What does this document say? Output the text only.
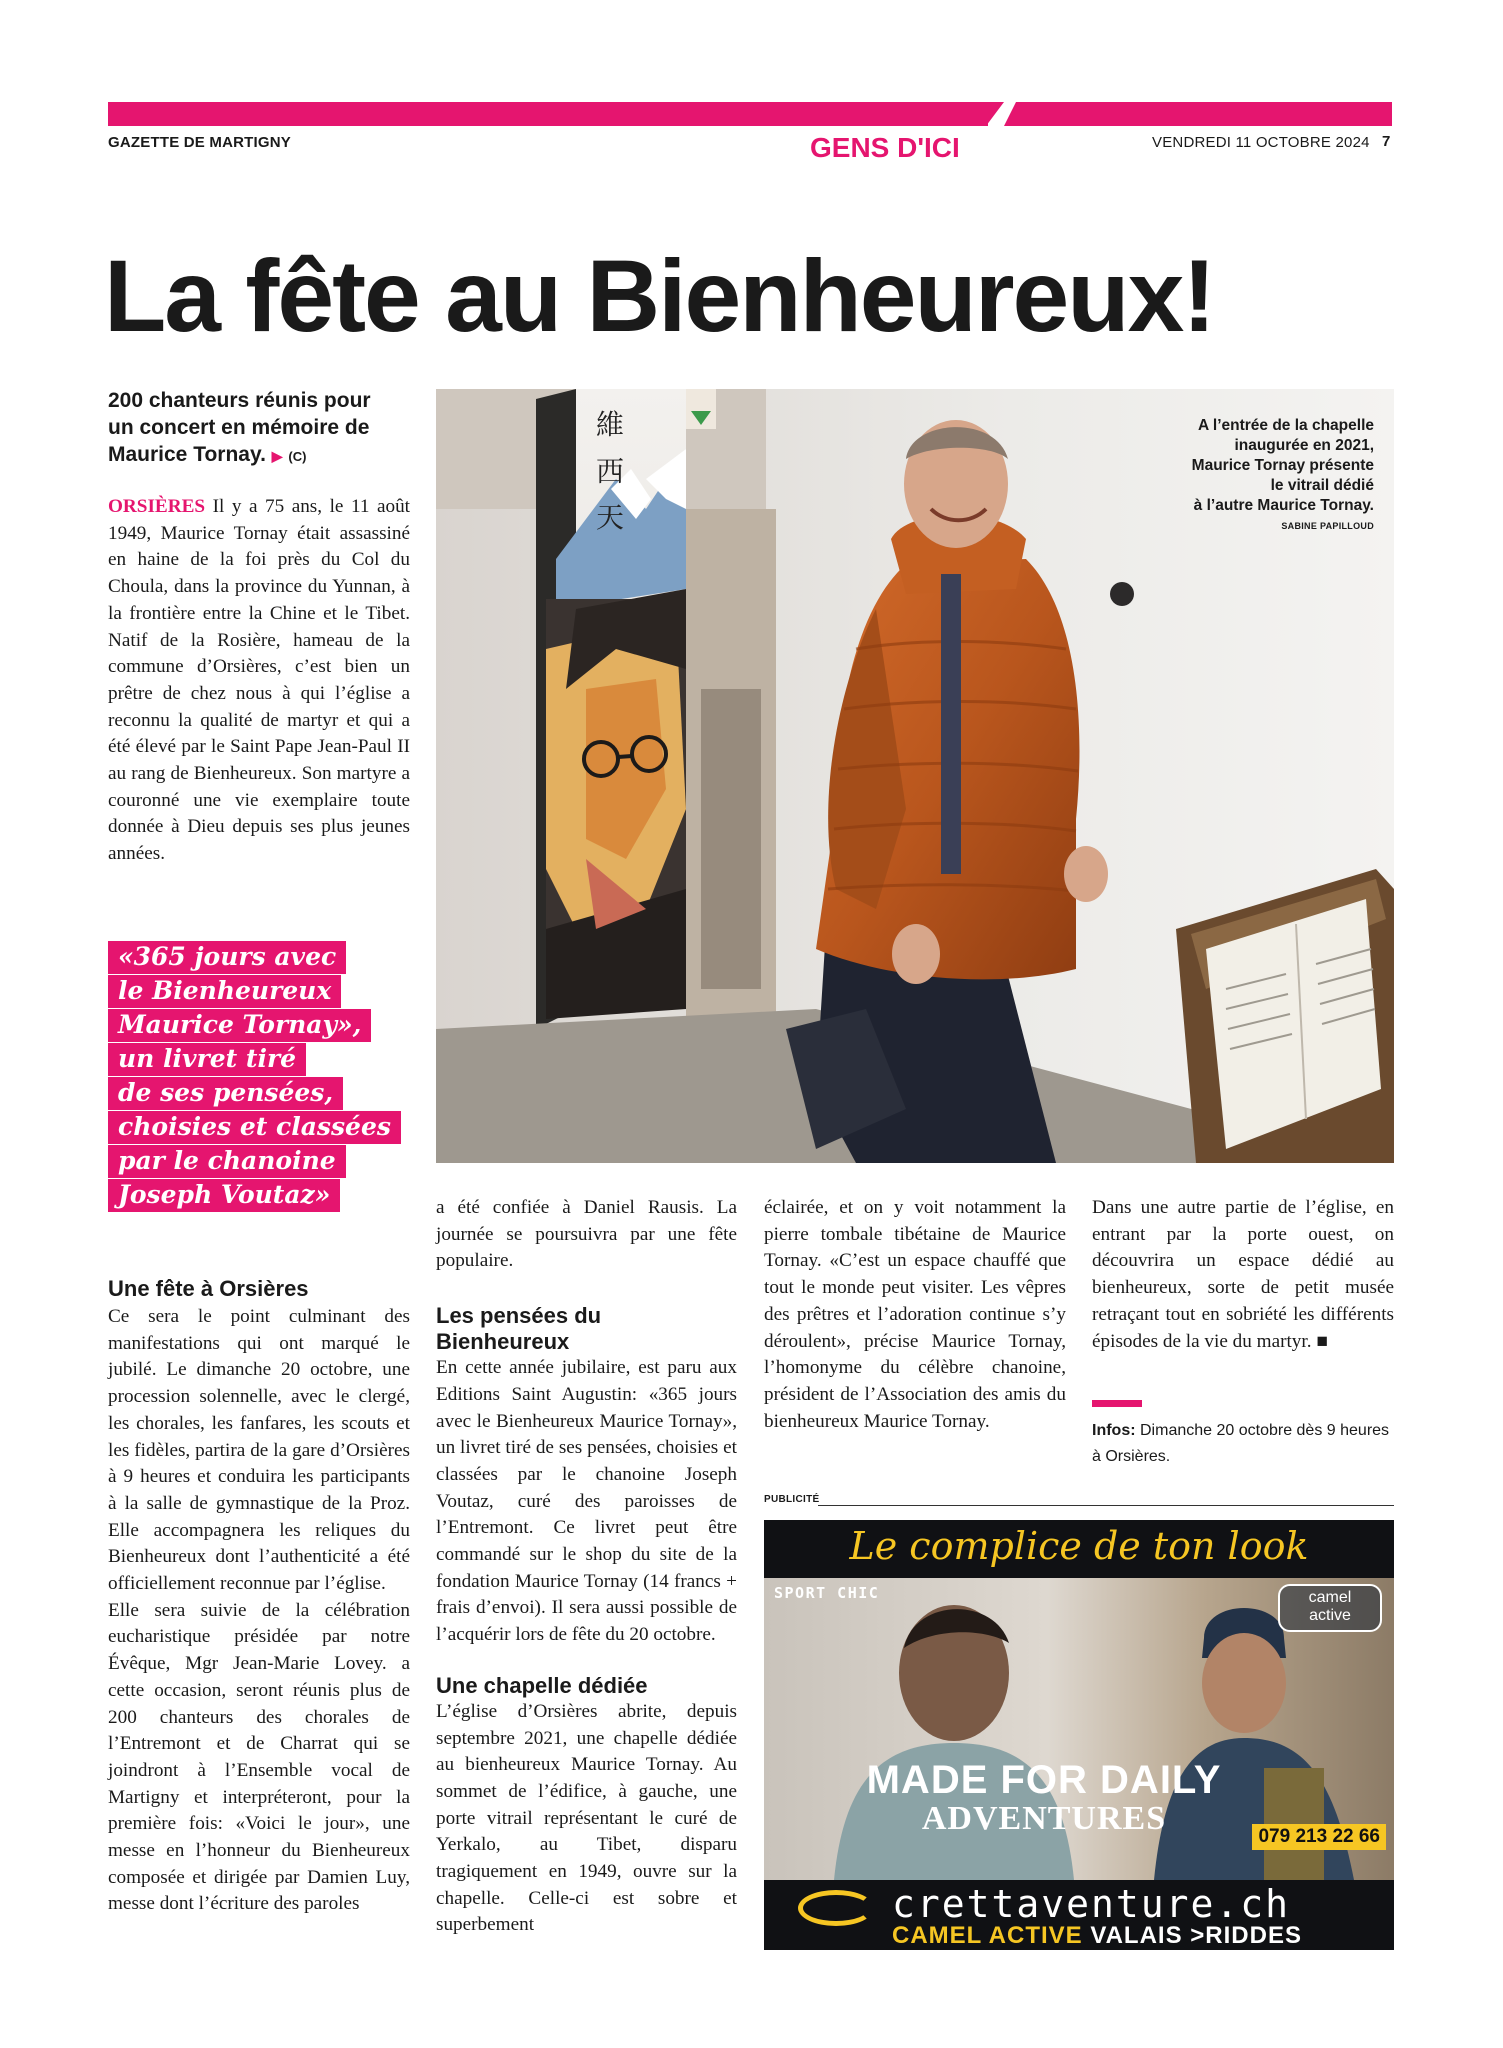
GAZETTE DE MARTIGNY	GENS D'ICI	VENDREDI 11 OCTOBRE 2024 7
La fête au Bienheureux!
200 chanteurs réunis pour un concert en mémoire de Maurice Tornay. ▶ (C)

ORSIÈRES Il y a 75 ans, le 11 août 1949, Maurice Tornay était assassiné en haine de la foi près du Col du Choula, dans la province du Yunnan, à la frontière entre la Chine et le Tibet. Natif de la Rosière, hameau de la commune d’Orsières, c’est bien un prêtre de chez nous à qui l’église a reconnu la qualité de martyr et qui a été élevé par le Saint Pape Jean-Paul II au rang de Bienheureux. Son martyre a couronné une vie exemplaire toute donnée à Dieu depuis ses plus jeunes années.

«365 jours avec
le Bienheureux
Maurice Tornay»,
un livret tiré
de ses pensées,
choisies et classées
par le chanoine
Joseph Voutaz»
Une fête à Orsières

Ce sera le point culminant des manifestations qui ont marqué le jubilé. Le dimanche 20 octobre, une procession solennelle, avec le clergé, les chorales, les fanfares, les scouts et les fidèles, partira de la gare d’Orsières à 9 heures et conduira les participants à la salle de gymnastique de la Proz. Elle accompagnera les reliques du Bienheureux dont l’authenticité a été officiellement reconnue par l’église.

Elle sera suivie de la célébration eucharistique présidée par notre Évêque, Mgr Jean-Marie Lovey. a cette occasion, seront réunis plus de 200 chanteurs des chorales de l’Entremont et de Charrat qui se joindront à l’Ensemble vocal de Martigny et interpréteront, pour la première fois: «Voici le jour», une messe en l’honneur du Bienheureux composée et dirigée par Damien Luy, messe dont l’écriture des paroles

維
西
天
A l’entrée de la chapelle
inaugurée en 2021,
Maurice Tornay présente
le vitrail dédié
à l’autre Maurice Tornay.
SABINE PAPILLOUD

a été confiée à Daniel Rausis. La journée se poursuivra par une fête populaire.

Les pensées du Bienheureux

En cette année jubilaire, est paru aux Editions Saint Augustin: «365 jours avec le Bienheureux Maurice Tornay», un livret tiré de ses pensées, choisies et classées par le chanoine Joseph Voutaz, curé des paroisses de l’Entremont. Ce livret peut être commandé sur le shop du site de la fondation Maurice Tornay (14 francs + frais d’envoi). Il sera aussi possible de l’acquérir lors de fête du 20 octobre.

Une chapelle dédiée

L’église d’Orsières abrite, depuis septembre 2021, une chapelle dédiée au bienheureux Maurice Tornay. Au sommet de l’édifice, à gauche, une porte vitrail représentant le curé de Yerkalo, au Tibet, disparu tragiquement en 1949, ouvre sur la chapelle. Celle-ci est sobre et superbement

éclairée, et on y voit notamment la pierre tombale tibétaine de Maurice Tornay. «C’est un espace chauffé que tout le monde peut visiter. Les vêpres des prêtres et l’adoration continue s’y déroulent», précise Maurice Tornay, l’homonyme du célèbre chanoine, président de l’Association des amis du bienheureux Maurice Tornay.

Dans une autre partie de l’église, en entrant par la porte ouest, on découvrira un espace dédié au bienheureux, sorte de petit musée retraçant tout en sobriété les différents épisodes de la vie du martyr. ■

Infos: Dimanche 20 octobre dès 9 heures à Orsières.
PUBLICITÉ
Le complice de ton look
SPORT CHIC	camel
active
MADE FOR DAILY
ADVENTURES	079 213 22 66
crettaventure.ch
CAMEL ACTIVE VALAIS >RIDDES
